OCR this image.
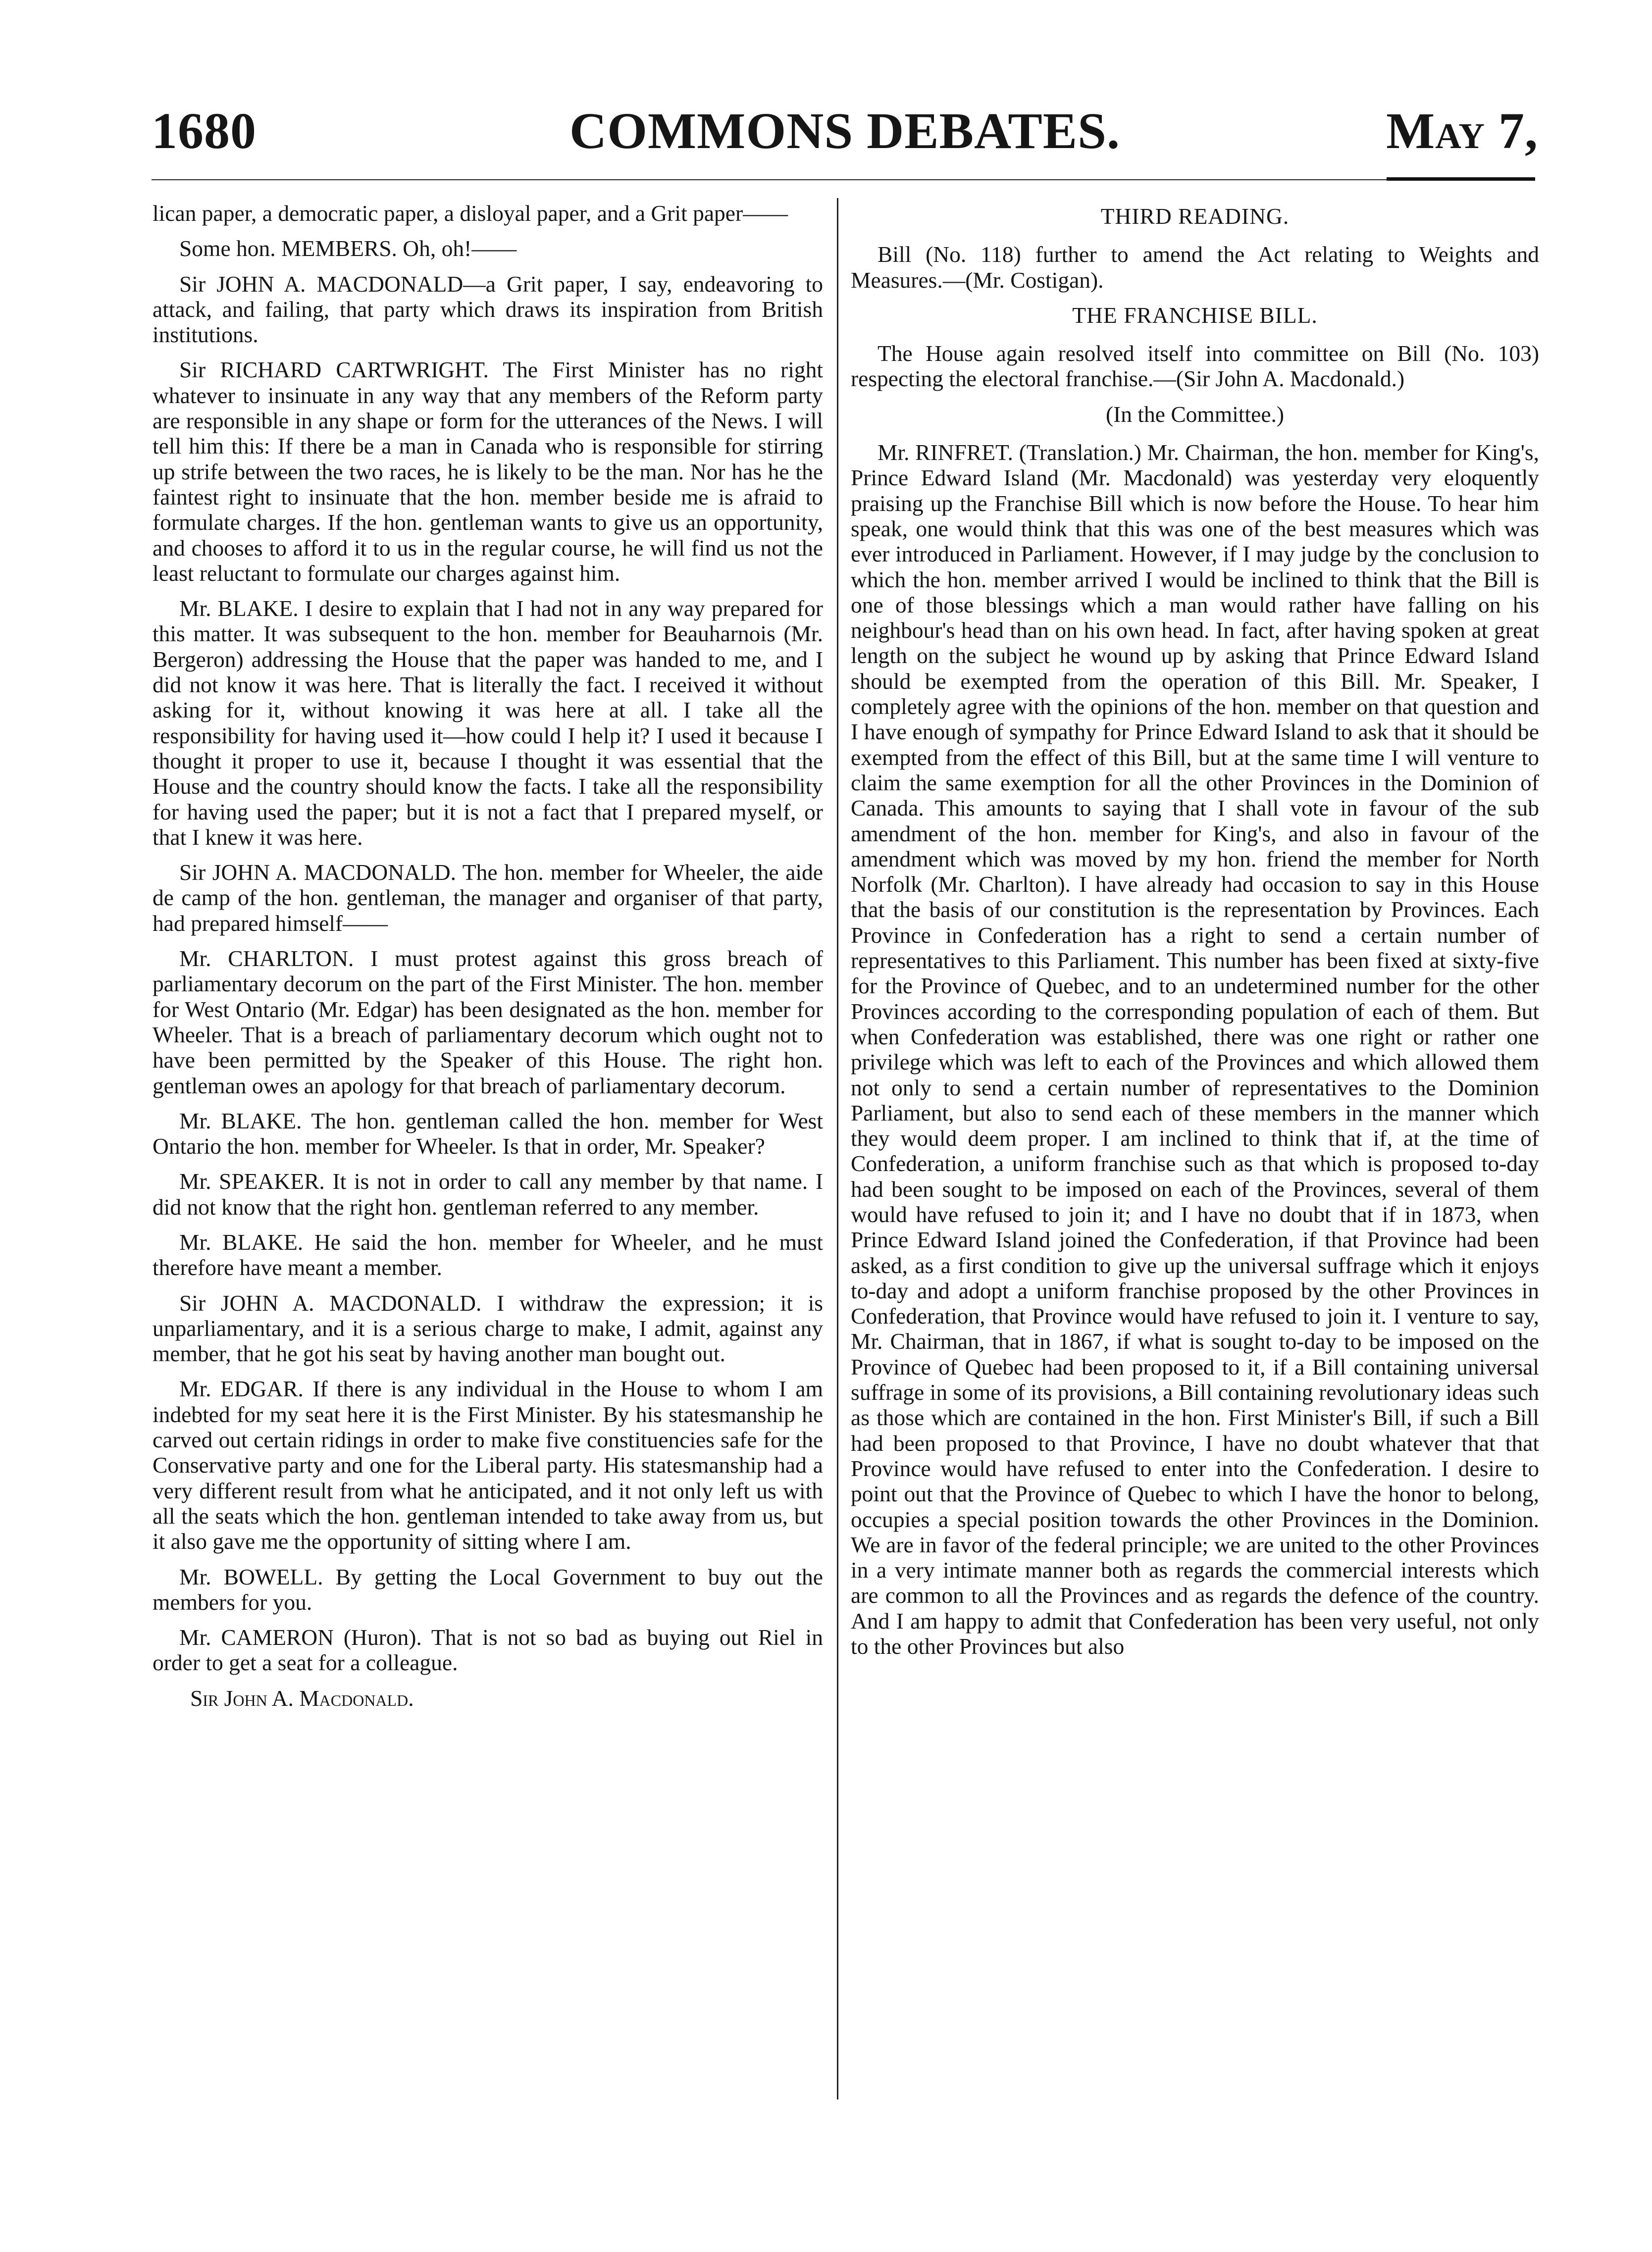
1680	COMMONS DEBATES.	May 7,

lican paper, a democratic paper, a disloyal paper, and a Grit paper——

Some hon. MEMBERS. Oh, oh!——

Sir JOHN A. MACDONALD—a Grit paper, I say, endeavoring to attack, and failing, that party which draws its inspiration from British institutions.

Sir RICHARD CARTWRIGHT. The First Minister has no right whatever to insinuate in any way that any members of the Reform party are responsible in any shape or form for the utterances of the News. I will tell him this: If there be a man in Canada who is responsible for stirring up strife between the two races, he is likely to be the man. Nor has he the faintest right to insinuate that the hon. member beside me is afraid to formulate charges. If the hon. gentleman wants to give us an opportunity, and chooses to afford it to us in the regular course, he will find us not the least reluctant to formulate our charges against him.

Mr. BLAKE. I desire to explain that I had not in any way prepared for this matter. It was subsequent to the hon. member for Beauharnois (Mr. Bergeron) addressing the House that the paper was handed to me, and I did not know it was here. That is literally the fact. I received it without asking for it, without knowing it was here at all. I take all the responsibility for having used it—how could I help it? I used it because I thought it proper to use it, because I thought it was essential that the House and the country should know the facts. I take all the responsibility for having used the paper; but it is not a fact that I prepared myself, or that I knew it was here.

Sir JOHN A. MACDONALD. The hon. member for Wheeler, the aide de camp of the hon. gentleman, the manager and organiser of that party, had prepared himself——

Mr. CHARLTON. I must protest against this gross breach of parliamentary decorum on the part of the First Minister. The hon. member for West Ontario (Mr. Edgar) has been designated as the hon. member for Wheeler. That is a breach of parliamentary decorum which ought not to have been permitted by the Speaker of this House. The right hon. gentleman owes an apology for that breach of parliamentary decorum.

Mr. BLAKE. The hon. gentleman called the hon. member for West Ontario the hon. member for Wheeler. Is that in order, Mr. Speaker?

Mr. SPEAKER. It is not in order to call any member by that name. I did not know that the right hon. gentleman referred to any member.

Mr. BLAKE. He said the hon. member for Wheeler, and he must therefore have meant a member.

Sir JOHN A. MACDONALD. I withdraw the expression; it is unparliamentary, and it is a serious charge to make, I admit, against any member, that he got his seat by having another man bought out.

Mr. EDGAR. If there is any individual in the House to whom I am indebted for my seat here it is the First Minister. By his statesmanship he carved out certain ridings in order to make five constituencies safe for the Conservative party and one for the Liberal party. His statesmanship had a very different result from what he anticipated, and it not only left us with all the seats which the hon. gentleman intended to take away from us, but it also gave me the opportunity of sitting where I am.

Mr. BOWELL. By getting the Local Government to buy out the members for you.

Mr. CAMERON (Huron). That is not so bad as buying out Riel in order to get a seat for a colleague.

Sir John A. Macdonald.

THIRD READING.

Bill (No. 118) further to amend the Act relating to Weights and Measures.—(Mr. Costigan).

THE FRANCHISE BILL.

The House again resolved itself into committee on Bill (No. 103) respecting the electoral franchise.—(Sir John A. Macdonald.)

(In the Committee.)

Mr. RINFRET. (Translation.) Mr. Chairman, the hon. member for King's, Prince Edward Island (Mr. Macdonald) was yesterday very eloquently praising up the Franchise Bill which is now before the House. To hear him speak, one would think that this was one of the best measures which was ever introduced in Parliament. However, if I may judge by the conclusion to which the hon. member arrived I would be inclined to think that the Bill is one of those blessings which a man would rather have falling on his neighbour's head than on his own head. In fact, after having spoken at great length on the subject he wound up by asking that Prince Edward Island should be exempted from the operation of this Bill. Mr. Speaker, I completely agree with the opinions of the hon. member on that question and I have enough of sympathy for Prince Edward Island to ask that it should be exempted from the effect of this Bill, but at the same time I will venture to claim the same exemption for all the other Provinces in the Dominion of Canada. This amounts to saying that I shall vote in favour of the sub amendment of the hon. member for King's, and also in favour of the amendment which was moved by my hon. friend the member for North Norfolk (Mr. Charlton). I have already had occasion to say in this House that the basis of our constitution is the representation by Provinces. Each Province in Confederation has a right to send a certain number of representatives to this Parliament. This number has been fixed at sixty-five for the Province of Quebec, and to an undetermined number for the other Provinces according to the corresponding population of each of them. But when Confederation was established, there was one right or rather one privilege which was left to each of the Provinces and which allowed them not only to send a certain number of representatives to the Dominion Parliament, but also to send each of these members in the manner which they would deem proper. I am inclined to think that if, at the time of Confederation, a uniform franchise such as that which is proposed to-day had been sought to be imposed on each of the Provinces, several of them would have refused to join it; and I have no doubt that if in 1873, when Prince Edward Island joined the Confederation, if that Province had been asked, as a first condition to give up the universal suffrage which it enjoys to-day and adopt a uniform franchise proposed by the other Provinces in Confederation, that Province would have refused to join it. I venture to say, Mr. Chairman, that in 1867, if what is sought to-day to be imposed on the Province of Quebec had been proposed to it, if a Bill containing universal suffrage in some of its provisions, a Bill containing revolutionary ideas such as those which are contained in the hon. First Minister's Bill, if such a Bill had been proposed to that Province, I have no doubt whatever that that Province would have refused to enter into the Confederation. I desire to point out that the Province of Quebec to which I have the honor to belong, occupies a special position towards the other Provinces in the Dominion. We are in favor of the federal principle; we are united to the other Provinces in a very intimate manner both as regards the commercial interests which are common to all the Provinces and as regards the defence of the country. And I am happy to admit that Confederation has been very useful, not only to the other Provinces but also
